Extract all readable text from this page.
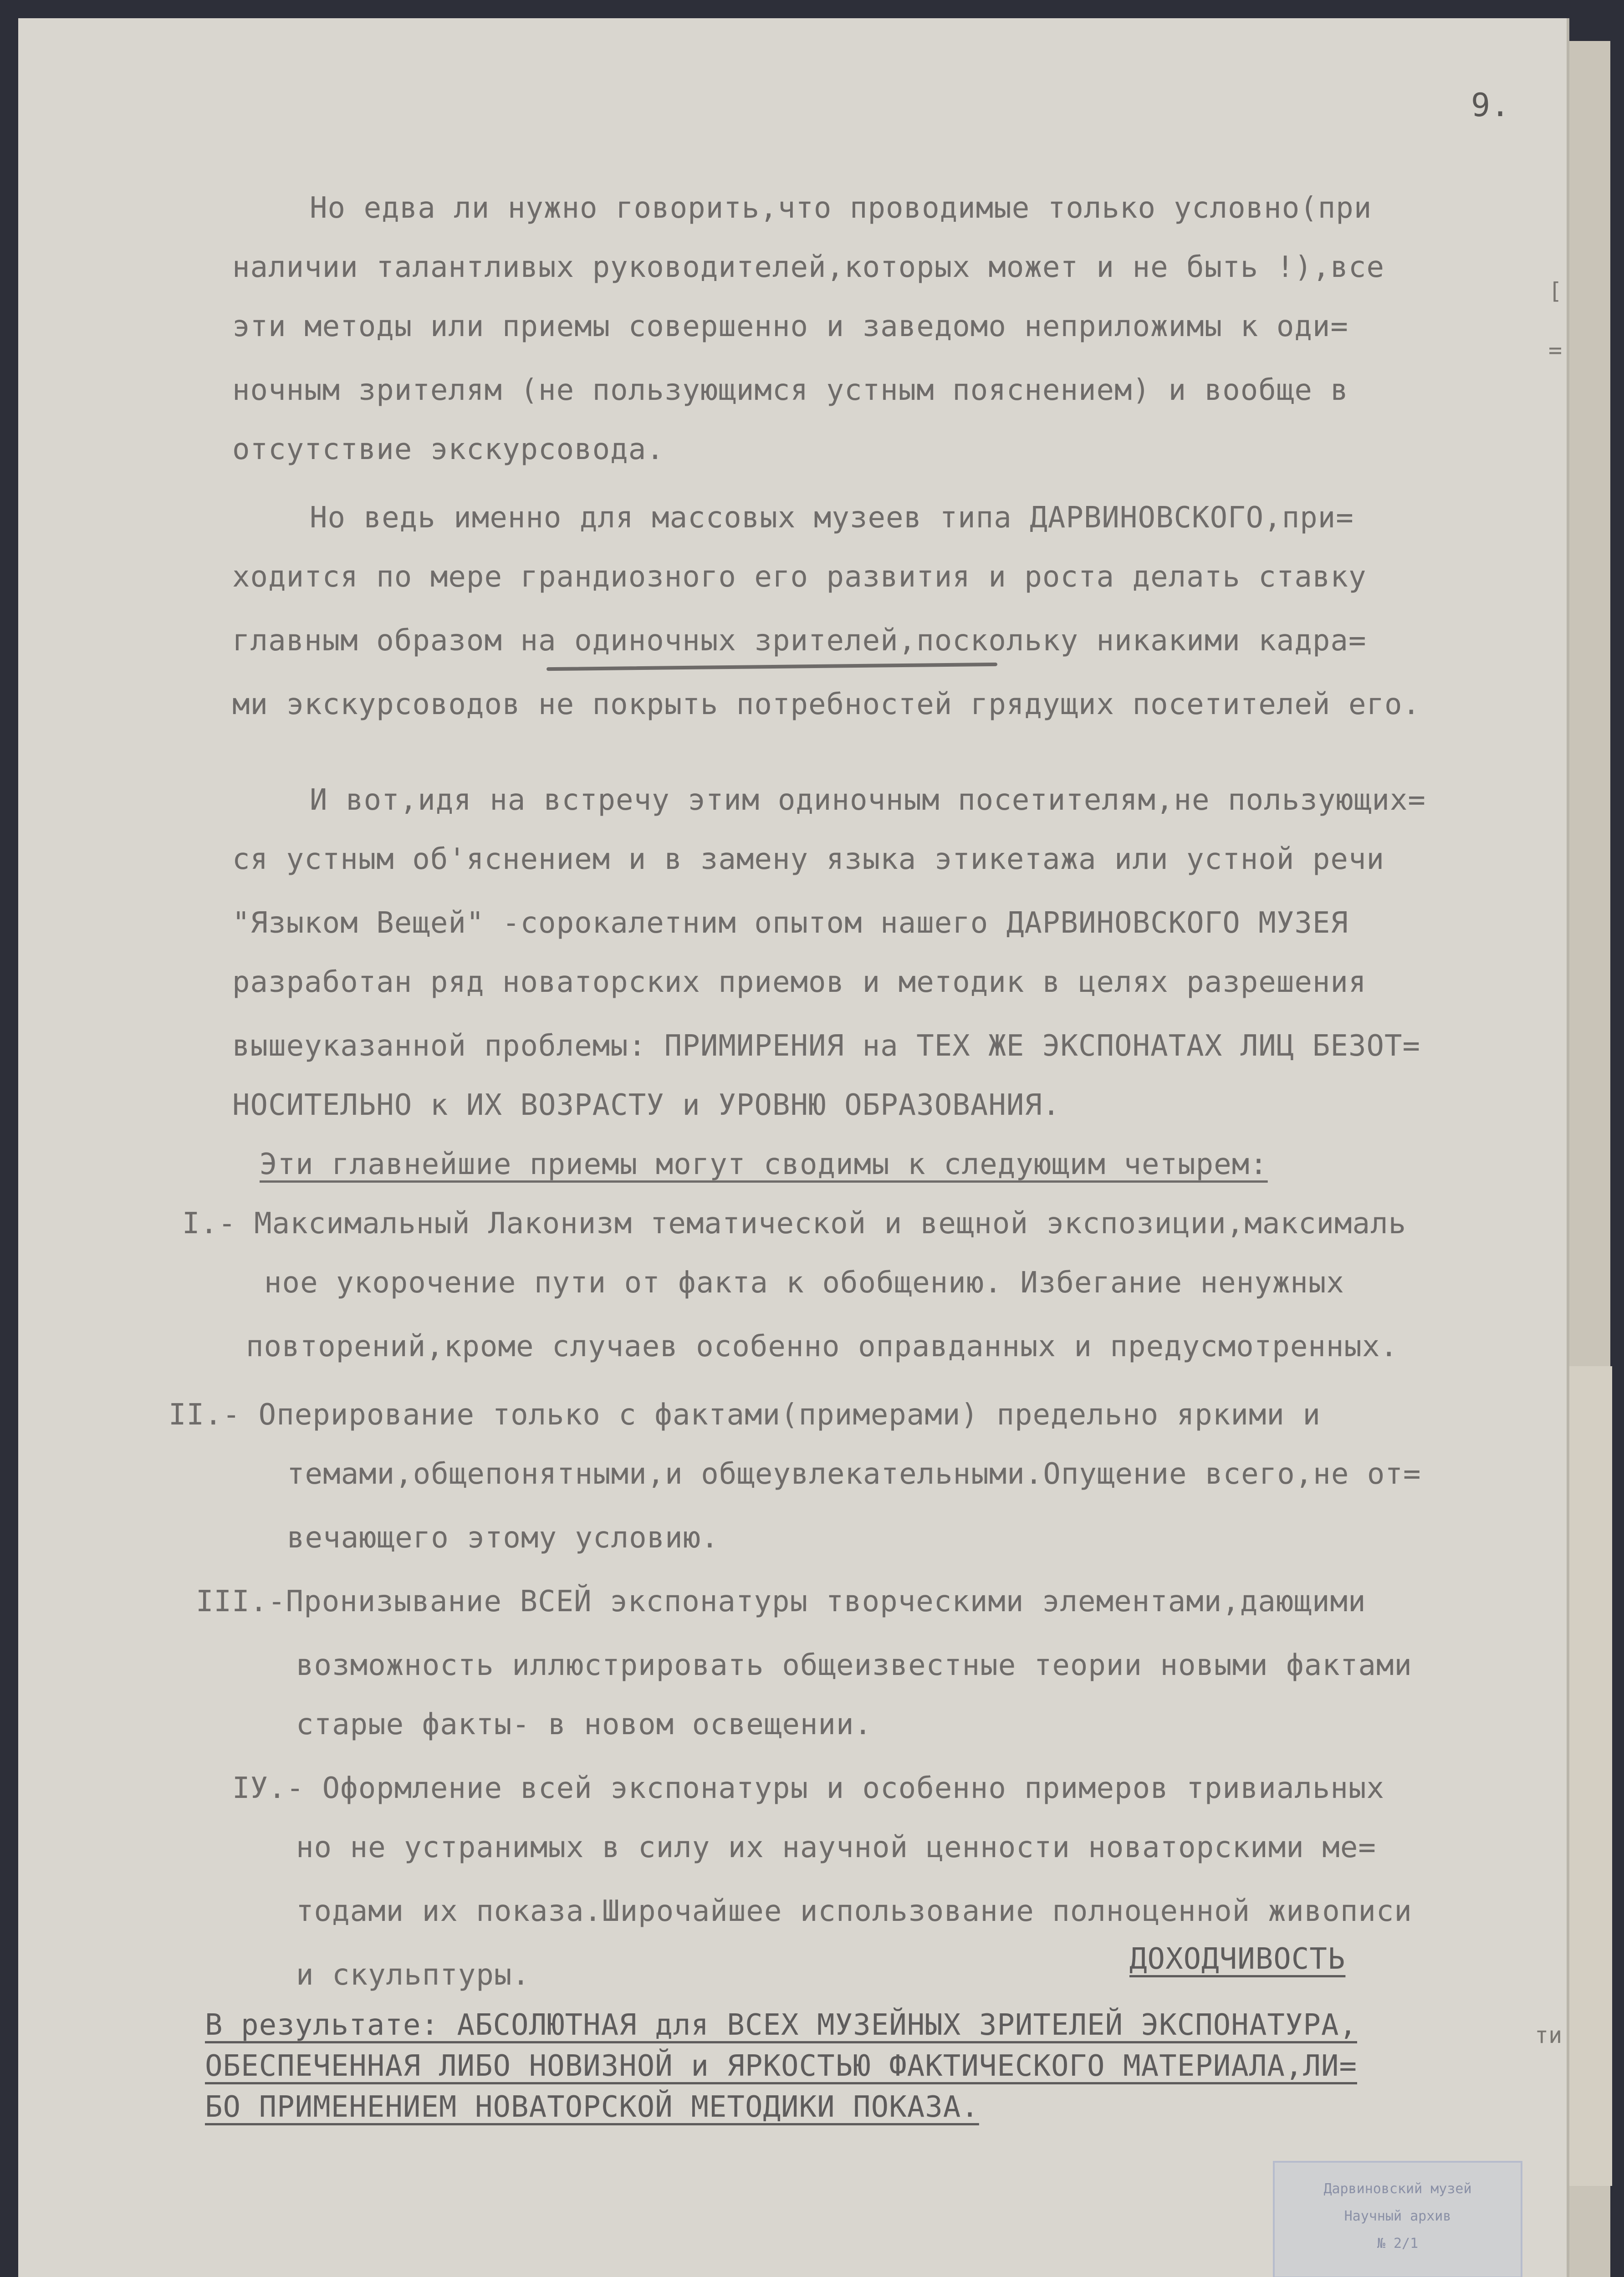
9.
Но едва ли нужно говорить,что проводимые только условно(при
наличии талантливых руководителей,которых может и не быть !),все
эти методы или приемы совершенно и заведомо неприложимы к оди=
ночным зрителям (не пользующимся устным пояснением) и вообще в
отсутствие экскурсовода.
Но ведь именно для массовых музеев типа ДАРВИНОВСКОГО,при=
ходится по мере грандиозного его развития и роста делать ставку
главным образом на одиночных зрителей,поскольку никакими кадра=
ми экскурсоводов не покрыть потребностей грядущих посетителей его.
И вот,идя на встречу этим одиночным посетителям,не пользующих=
ся устным об'яснением и в замену языка этикетажа или устной речи
"Языком Вещей" -сорокалетним опытом нашего ДАРВИНОВСКОГО МУЗЕЯ
разработан ряд новаторских приемов и методик в целях разрешения
вышеуказанной проблемы: ПРИМИРЕНИЯ на ТЕХ ЖЕ ЭКСПОНАТАХ ЛИЦ БЕЗОТ=
НОСИТЕЛЬНО к ИХ ВОЗРАСТУ и УРОВНЮ ОБРАЗОВАНИЯ.
Эти главнейшие приемы могут сводимы к следующим четырем:
I.- Максимальный Лаконизм тематической и вещной экспозиции,максималь
ное укорочение пути от факта к обобщению. Избегание ненужных
повторений,кроме случаев особенно оправданных и предусмотренных.
II.- Оперирование только с фактами(примерами) предельно яркими и
темами,общепонятными,и общеувлекательными.Опущение всего,не от=
вечающего этому условию.
III.-Пронизывание ВСЕЙ экспонатуры творческими элементами,дающими
возможность иллюстрировать общеизвестные теории новыми фактами
старые факты- в новом освещении.
IУ.- Оформление всей экспонатуры и особенно примеров тривиальных
но не устранимых в силу их научной ценности новаторскими ме=
тодами их показа.Широчайшее использование полноценной живописи
и скульптуры.	ДОХОДЧИВОСТЬ
В результате: АБСОЛЮТНАЯ для ВСЕХ МУЗЕЙНЫХ ЗРИТЕЛЕЙ ЭКСПОНАТУРА,
ОБЕСПЕЧЕННАЯ ЛИБО НОВИЗНОЙ и ЯРКОСТЬЮ ФАКТИЧЕСКОГО МАТЕРИАЛА,ЛИ=
БО ПРИМЕНЕНИЕМ НОВАТОРСКОЙ МЕТОДИКИ ПОКАЗА.
[
=
ти
Дарвиновский музей
Научный архив
№ 2/1
